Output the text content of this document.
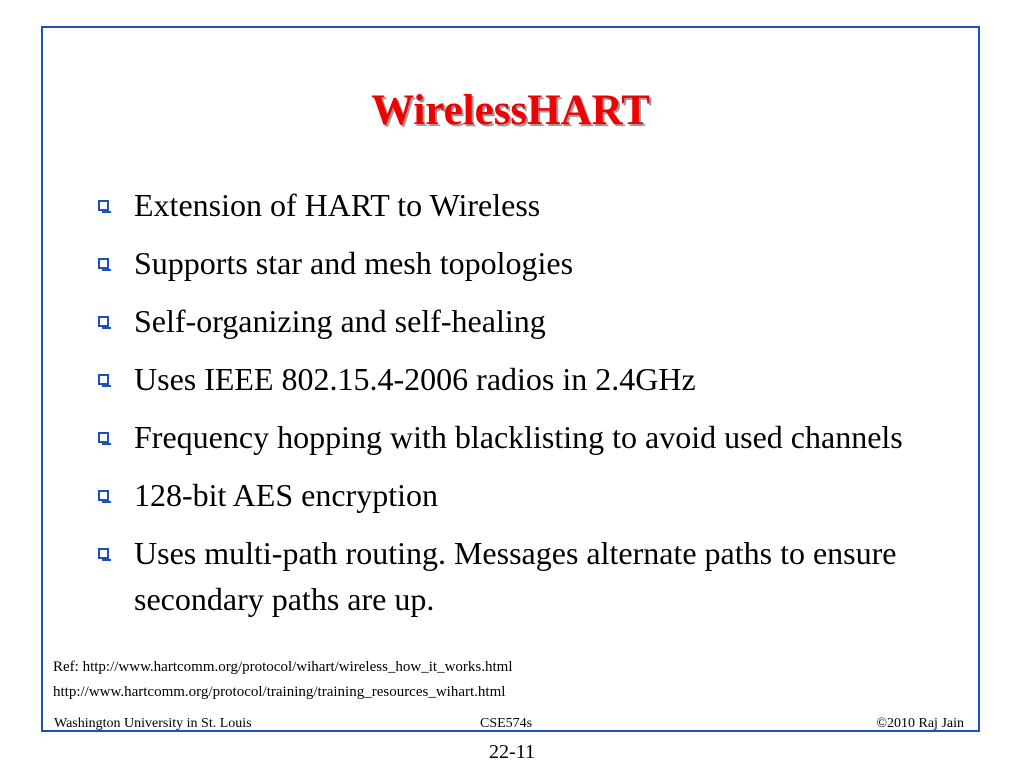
WirelessHART
Extension of HART to Wireless
Supports star and mesh topologies
Self-organizing and self-healing
Uses IEEE 802.15.4-2006 radios in 2.4GHz
Frequency hopping with blacklisting to avoid used channels
128-bit AES encryption
Uses multi-path routing. Messages alternate paths to ensure secondary paths are up.
Ref: http://www.hartcomm.org/protocol/wihart/wireless_how_it_works.html
http://www.hartcomm.org/protocol/training/training_resources_wihart.html
Washington University in St. Louis	CSE574s	©2010 Raj Jain
22-11
